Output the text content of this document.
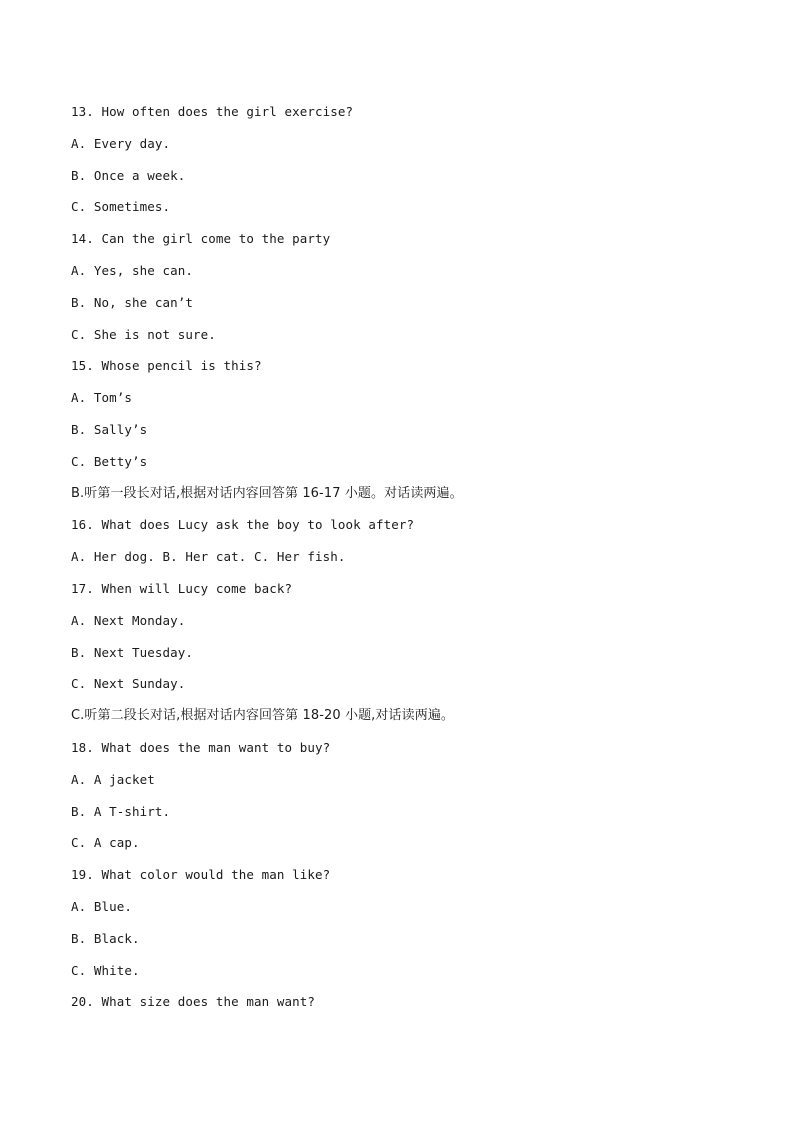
13. How often does the girl exercise?
A. Every day.
B. Once a week.
C. Sometimes.
14. Can the girl come to the party
A. Yes, she can.
B. No, she can’t
C. She is not sure.
15. Whose pencil is this?
A. Tom’s
B. Sally’s
C. Betty’s
B.听第一段长对话,根据对话内容回答第 16-17 小题。对话读两遍。
16. What does Lucy ask the boy to look after?
A. Her dog. B. Her cat. C. Her fish.
17. When will Lucy come back?
A. Next Monday.
B. Next Tuesday.
C. Next Sunday.
C.听第二段长对话,根据对话内容回答第 18-20 小题,对话读两遍。
18. What does the man want to buy?
A. A jacket
B. A T-shirt.
C. A cap.
19. What color would the man like?
A. Blue.
B. Black.
C. White.
20. What size does the man want?
